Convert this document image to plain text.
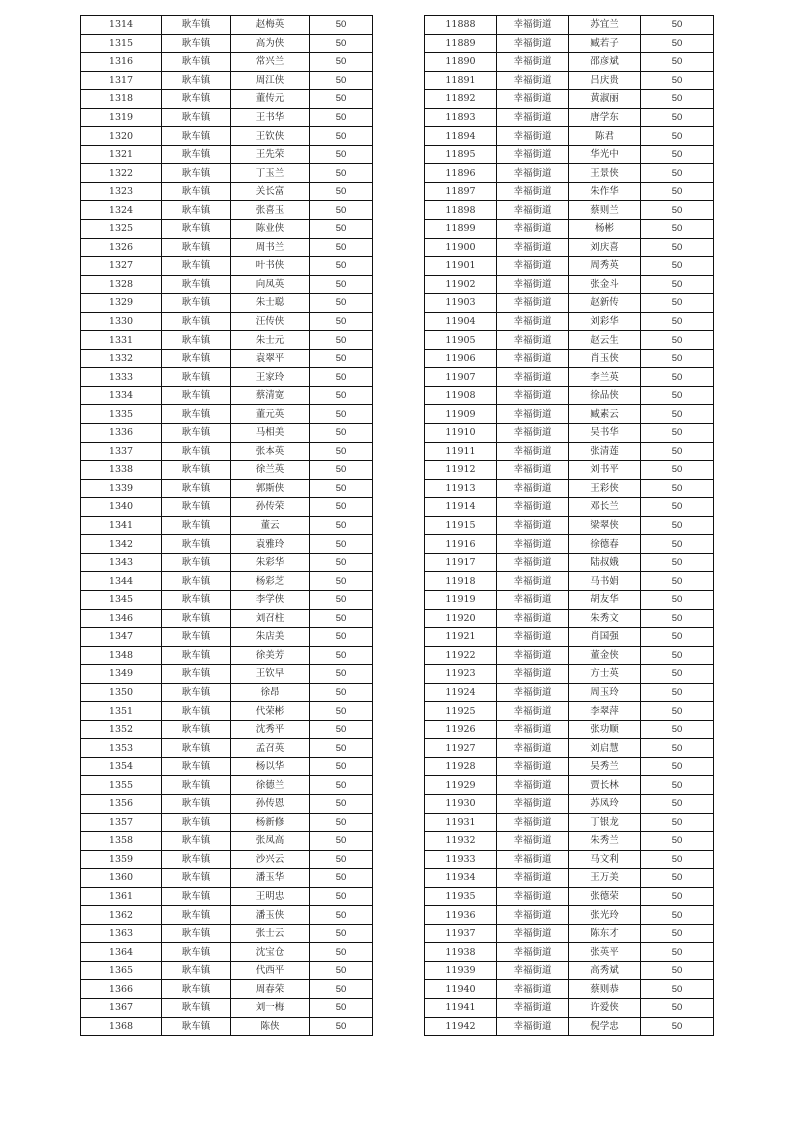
1314	耿车镇	赵梅英	50
1315	耿车镇	高为侠	50
1316	耿车镇	常兴兰	50
1317	耿车镇	周江侠	50
1318	耿车镇	董传元	50
1319	耿车镇	王书华	50
1320	耿车镇	王钦侠	50
1321	耿车镇	王先荣	50
1322	耿车镇	丁玉兰	50
1323	耿车镇	关长富	50
1324	耿车镇	张喜玉	50
1325	耿车镇	陈业侠	50
1326	耿车镇	周书兰	50
1327	耿车镇	叶书侠	50
1328	耿车镇	向凤英	50
1329	耿车镇	朱士聪	50
1330	耿车镇	汪传侠	50
1331	耿车镇	朱士元	50
1332	耿车镇	袁翠平	50
1333	耿车镇	王家玲	50
1334	耿车镇	蔡清宽	50
1335	耿车镇	董元英	50
1336	耿车镇	马相美	50
1337	耿车镇	张本英	50
1338	耿车镇	徐兰英	50
1339	耿车镇	郭斯侠	50
1340	耿车镇	孙传荣	50
1341	耿车镇	董云	50
1342	耿车镇	袁雅玲	50
1343	耿车镇	朱彩华	50
1344	耿车镇	杨彩芝	50
1345	耿车镇	李学侠	50
1346	耿车镇	刘召柱	50
1347	耿车镇	朱店美	50
1348	耿车镇	徐美芳	50
1349	耿车镇	王钦早	50
1350	耿车镇	徐昂	50
1351	耿车镇	代荣彬	50
1352	耿车镇	沈秀平	50
1353	耿车镇	孟召英	50
1354	耿车镇	杨以华	50
1355	耿车镇	徐德兰	50
1356	耿车镇	孙传恩	50
1357	耿车镇	杨新修	50
1358	耿车镇	张凤高	50
1359	耿车镇	沙兴云	50
1360	耿车镇	潘玉华	50
1361	耿车镇	王明忠	50
1362	耿车镇	潘玉侠	50
1363	耿车镇	张士云	50
1364	耿车镇	沈宝仓	50
1365	耿车镇	代西平	50
1366	耿车镇	周春荣	50
1367	耿车镇	刘一梅	50
1368	耿车镇	陈侠	50
11888	幸福街道	苏宜兰	50
11889	幸福街道	臧若子	50
11890	幸福街道	邵彦斌	50
11891	幸福街道	吕庆贵	50
11892	幸福街道	黄淑丽	50
11893	幸福街道	唐学东	50
11894	幸福街道	陈君	50
11895	幸福街道	华光中	50
11896	幸福街道	王景侠	50
11897	幸福街道	朱作华	50
11898	幸福街道	蔡则兰	50
11899	幸福街道	杨彬	50
11900	幸福街道	刘庆喜	50
11901	幸福街道	周秀英	50
11902	幸福街道	张金斗	50
11903	幸福街道	赵新传	50
11904	幸福街道	刘彩华	50
11905	幸福街道	赵云生	50
11906	幸福街道	肖玉侠	50
11907	幸福街道	李兰英	50
11908	幸福街道	徐品侠	50
11909	幸福街道	臧素云	50
11910	幸福街道	吴书华	50
11911	幸福街道	张清莲	50
11912	幸福街道	刘书平	50
11913	幸福街道	王彩侠	50
11914	幸福街道	邓长兰	50
11915	幸福街道	梁翠侠	50
11916	幸福街道	徐德春	50
11917	幸福街道	陆叔娥	50
11918	幸福街道	马书娟	50
11919	幸福街道	胡友华	50
11920	幸福街道	朱秀文	50
11921	幸福街道	肖国强	50
11922	幸福街道	董金侠	50
11923	幸福街道	方士英	50
11924	幸福街道	周玉玲	50
11925	幸福街道	李翠萍	50
11926	幸福街道	张功顺	50
11927	幸福街道	刘启慧	50
11928	幸福街道	吴秀兰	50
11929	幸福街道	贾长林	50
11930	幸福街道	苏凤玲	50
11931	幸福街道	丁银龙	50
11932	幸福街道	朱秀兰	50
11933	幸福街道	马文利	50
11934	幸福街道	王万美	50
11935	幸福街道	张德荣	50
11936	幸福街道	张光玲	50
11937	幸福街道	陈东才	50
11938	幸福街道	张英平	50
11939	幸福街道	高秀斌	50
11940	幸福街道	蔡则恭	50
11941	幸福街道	许爱侠	50
11942	幸福街道	倪学忠	50
